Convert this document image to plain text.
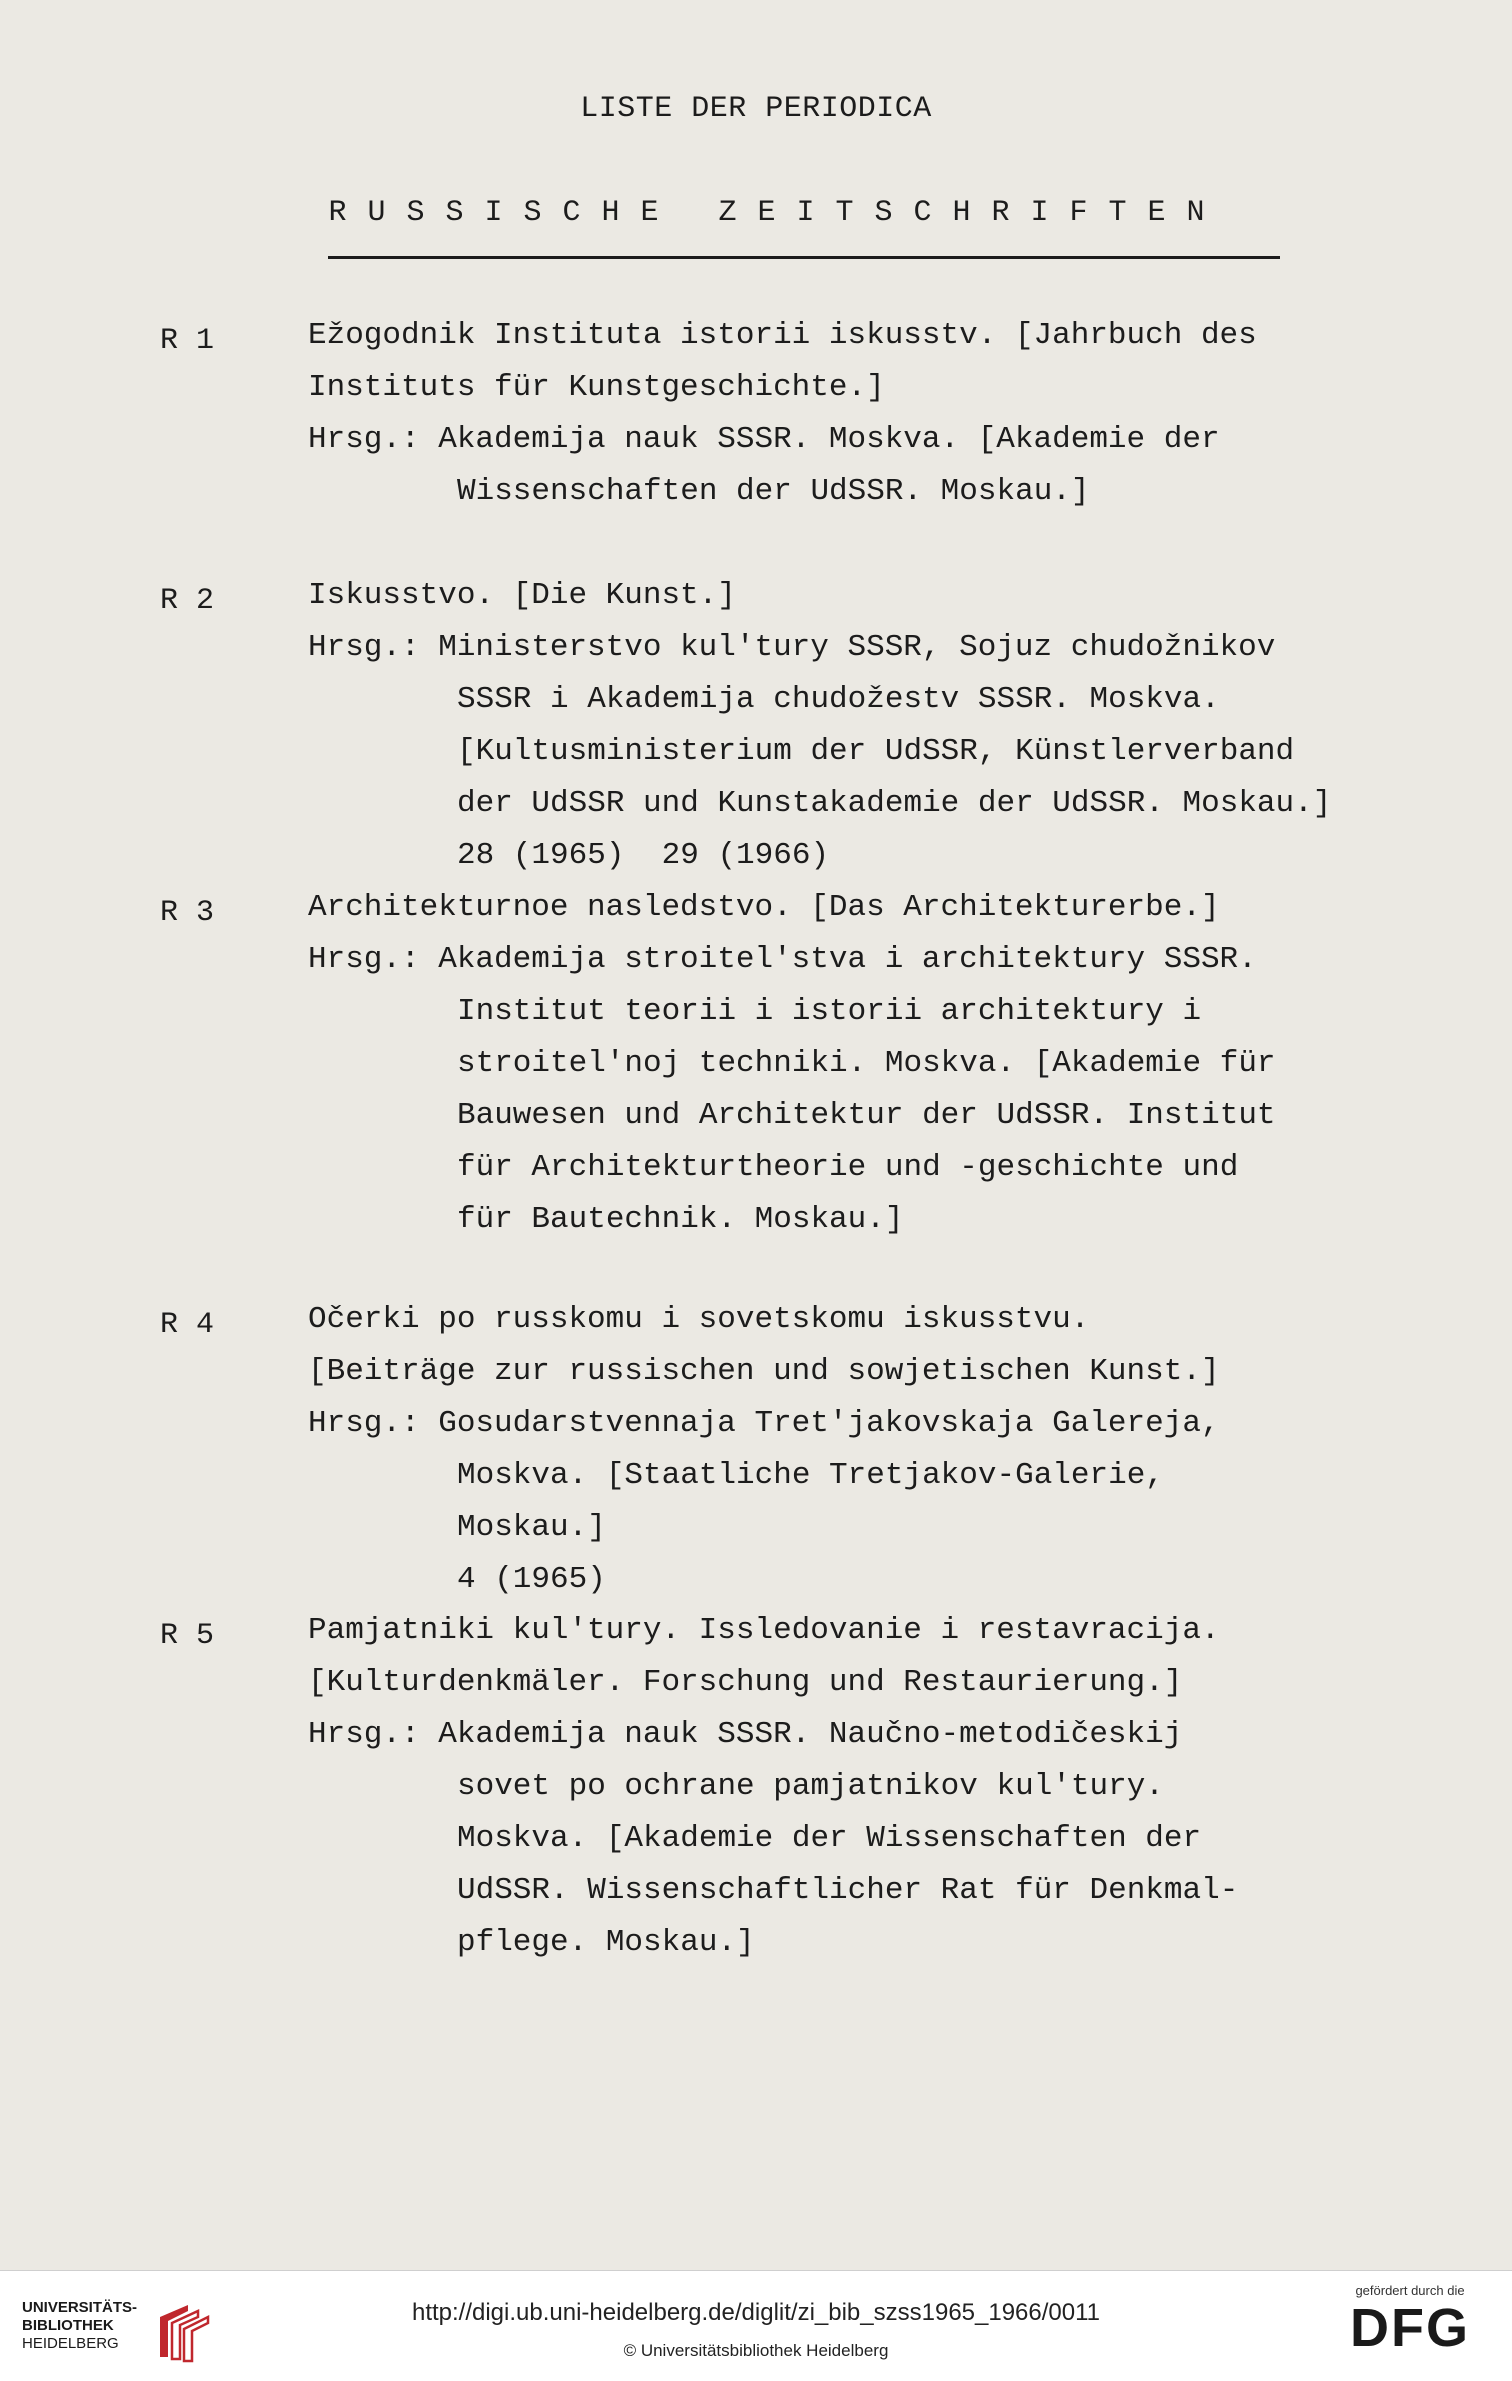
LISTE DER PERIODICA
RUSSISCHE ZEITSCHRIFTEN
R 1	Ežogodnik Instituta istorii iskusstv. [Jahrbuch des
Instituts für Kunstgeschichte.]
Hrsg.: Akademija nauk SSSR. Moskva. [Akademie der
Wissenschaften der UdSSR. Moskau.]
R 2	Iskusstvo. [Die Kunst.]
Hrsg.: Ministerstvo kul'tury SSSR, Sojuz chudožnikov
SSSR i Akademija chudožestv SSSR. Moskva.
[Kultusministerium der UdSSR, Künstlerverband
der UdSSR und Kunstakademie der UdSSR. Moskau.]
28 (1965)  29 (1966)
R 3	Architekturnoe nasledstvo. [Das Architekturerbe.]
Hrsg.: Akademija stroitel'stva i architektury SSSR.
Institut teorii i istorii architektury i
stroitel'noj techniki. Moskva. [Akademie für
Bauwesen und Architektur der UdSSR. Institut
für Architekturtheorie und -geschichte und
für Bautechnik. Moskau.]
R 4	Očerki po russkomu i sovetskomu iskusstvu.
[Beiträge zur russischen und sowjetischen Kunst.]
Hrsg.: Gosudarstvennaja Tret'jakovskaja Galereja,
Moskva. [Staatliche Tretjakov-Galerie,
Moskau.]
4 (1965)
R 5	Pamjatniki kul'tury. Issledovanie i restavracija.
[Kulturdenkmäler. Forschung und Restaurierung.]
Hrsg.: Akademija nauk SSSR. Naučno-metodičeskij
sovet po ochrane pamjatnikov kul'tury.
Moskva. [Akademie der Wissenschaften der
UdSSR. Wissenschaftlicher Rat für Denkmal-
pflege. Moskau.]
UNIVERSITÄTS-
BIBLIOTHEK
HEIDELBERG
http://digi.ub.uni-heidelberg.de/diglit/zi_bib_szss1965_1966/0011
© Universitätsbibliothek Heidelberg
gefördert durch die
DFG
